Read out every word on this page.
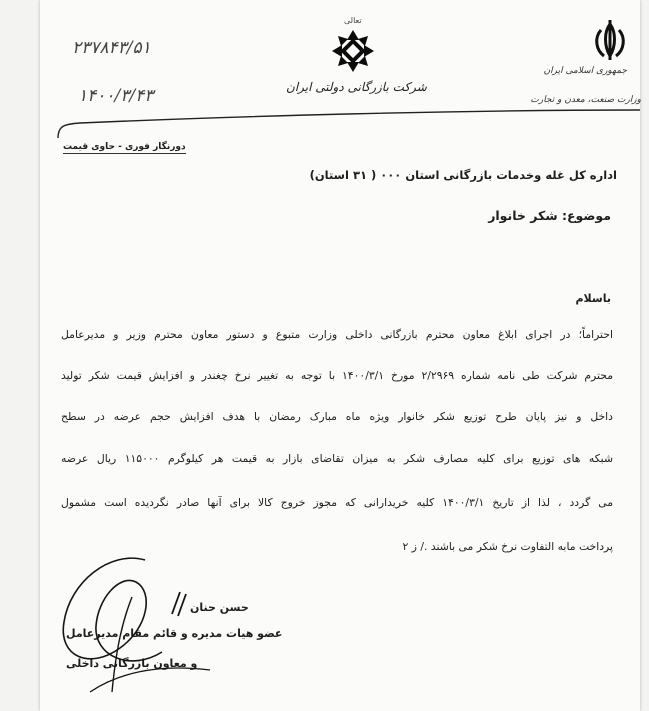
جمهوری اسلامی ایران
وزارت صنعت، معدن و تجارت
تعالی
شرکت بازرگانی دولتی ایران
۲۳۷۸۴۳/۵۱
۱۴۰۰/۳/۴۳
دورنگار فوری - حاوی قیمت
اداره کل غله وخدمات بازرگانی استان ۰۰۰ ( ۳۱ استان)
موضوع: شکر خانوار
باسلام
احتراماً؛ در اجرای ابلاغ معاون محترم بازرگانی داخلی وزارت متبوع و دستور معاون محترم وزیر و مدیرعامل
محترم شرکت طی نامه شماره ۲/۲۹۶۹ مورخ ۱۴۰۰/۳/۱ با توجه به تغییر نرخ چغندر و افزایش قیمت شکر تولید
داخل و نیز پایان طرح توزیع شکر خانوار ویژه ماه مبارک رمضان با هدف افزایش حجم عرضه در سطح
شبکه های توزیع برای کلیه مصارف شکر به میزان تقاضای بازار به قیمت هر کیلوگرم ۱۱۵۰۰۰ ریال عرضه
می گردد ، لذا از تاریخ ۱۴۰۰/۳/۱ کلیه خریدارانی که مجوز خروج کالا برای آنها صادر نگردیده است مشمول
پرداخت مابه التفاوت نرخ شکر می باشند ./ ز ۲
حسن حنان
عضو هیات مدیره و قائم مقام مدیرعامل
و معاون بازرگانی داخلی
